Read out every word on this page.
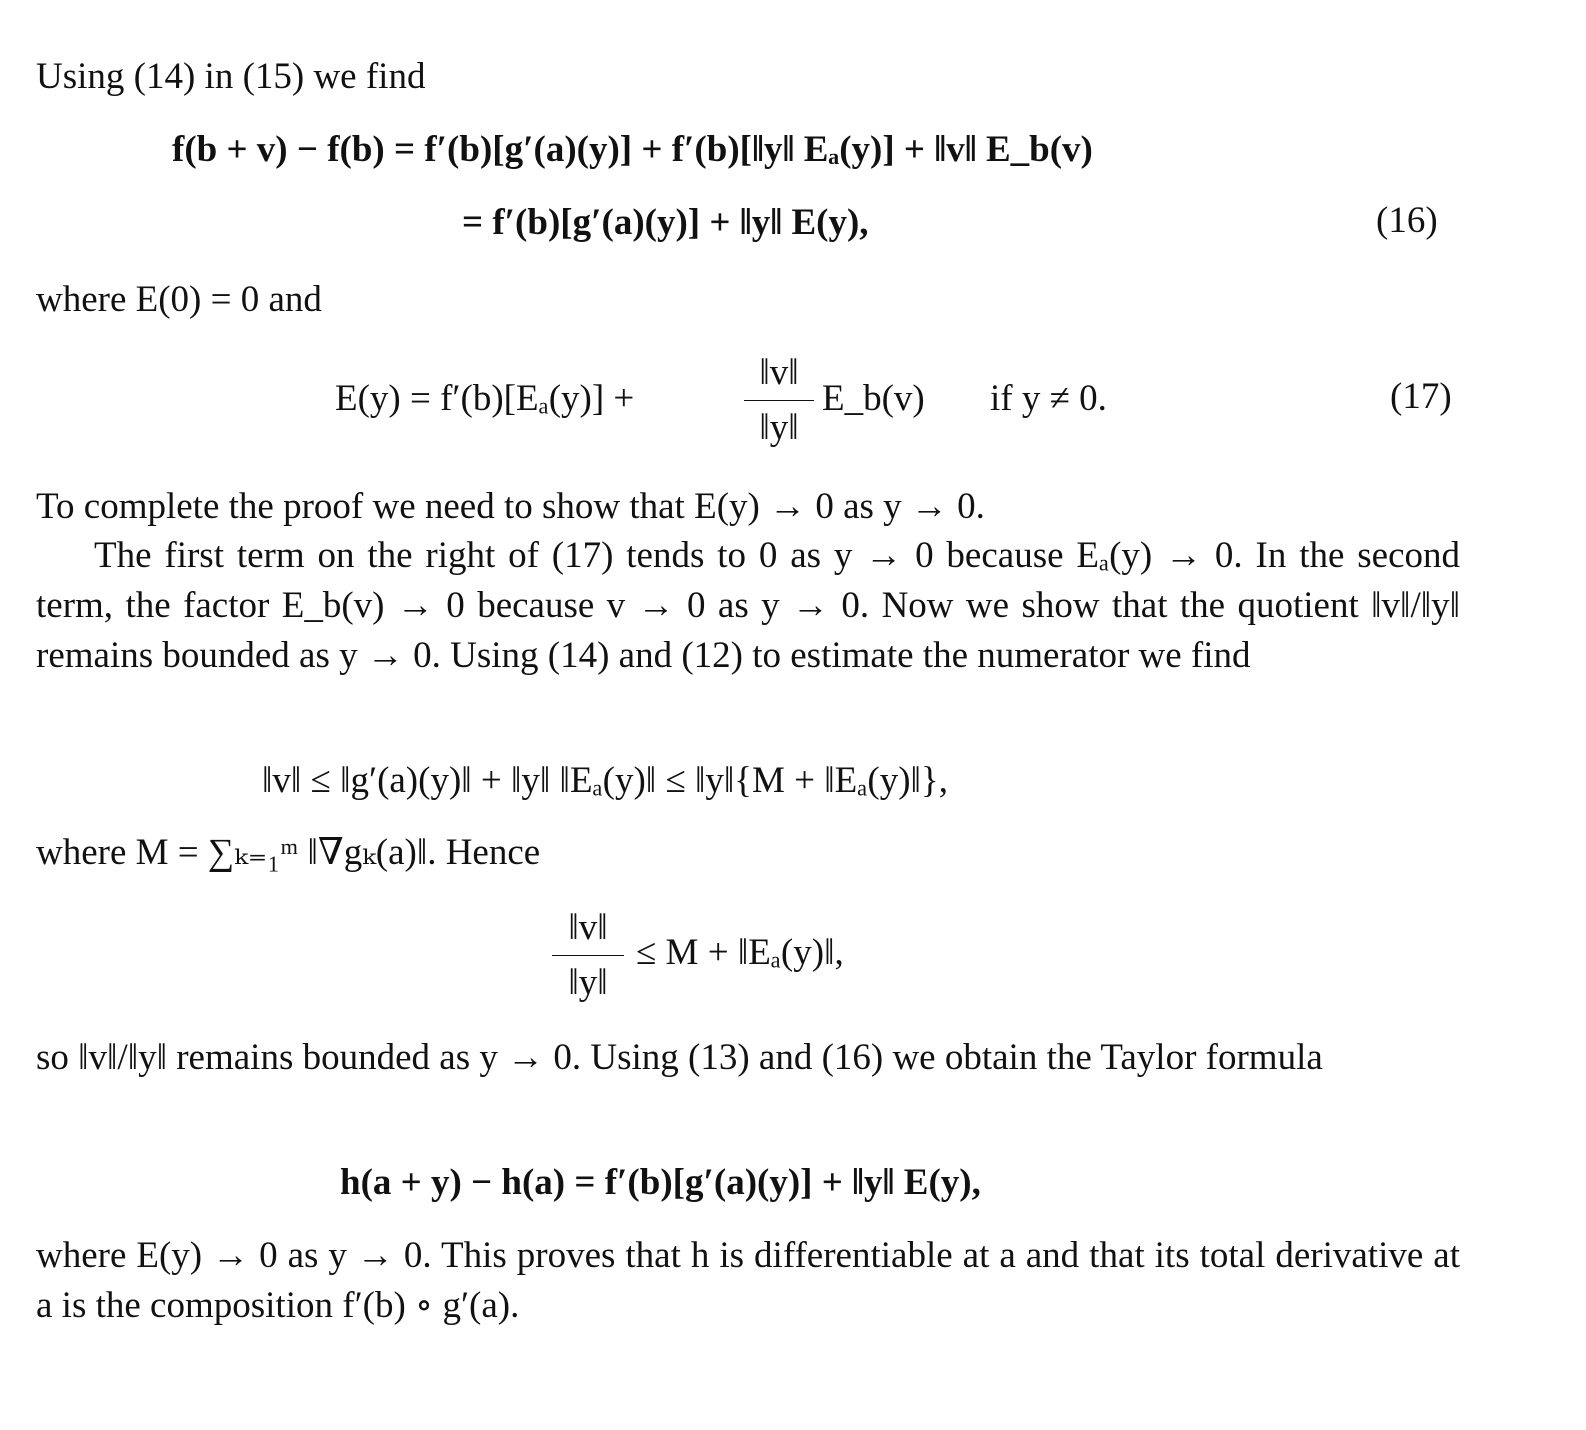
Using (14) in (15) we find

f(b + v) − f(b) = f′(b)[g′(a)(y)] + f′(b)[‖y‖ Eₐ(y)] + ‖v‖ E_b(v)
= f′(b)[g′(a)(y)] + ‖y‖ E(y),	(16)

where E(0) = 0 and

E(y) = f′(b)[Eₐ(y)] +
‖v‖
‖y‖
E_b(v) if y ≠ 0.	(17)

To complete the proof we need to show that E(y) → 0 as y → 0.

The first term on the right of (17) tends to 0 as y → 0 because Eₐ(y) → 0. In the second term, the factor E_b(v) → 0 because v → 0 as y → 0. Now we show that the quotient ‖v‖/‖y‖ remains bounded as y → 0. Using (14) and (12) to estimate the numerator we find

‖v‖ ≤ ‖g′(a)(y)‖ + ‖y‖ ‖Eₐ(y)‖ ≤ ‖y‖{M + ‖Eₐ(y)‖},

where M = ∑ₖ₌₁ᵐ ‖∇gₖ(a)‖. Hence

‖v‖
‖y‖
≤ M + ‖Eₐ(y)‖,

so ‖v‖/‖y‖ remains bounded as y → 0. Using (13) and (16) we obtain the Taylor formula

h(a + y) − h(a) = f′(b)[g′(a)(y)] + ‖y‖ E(y),

where E(y) → 0 as y → 0. This proves that h is differentiable at a and that its total derivative at a is the composition f′(b) ∘ g′(a).
